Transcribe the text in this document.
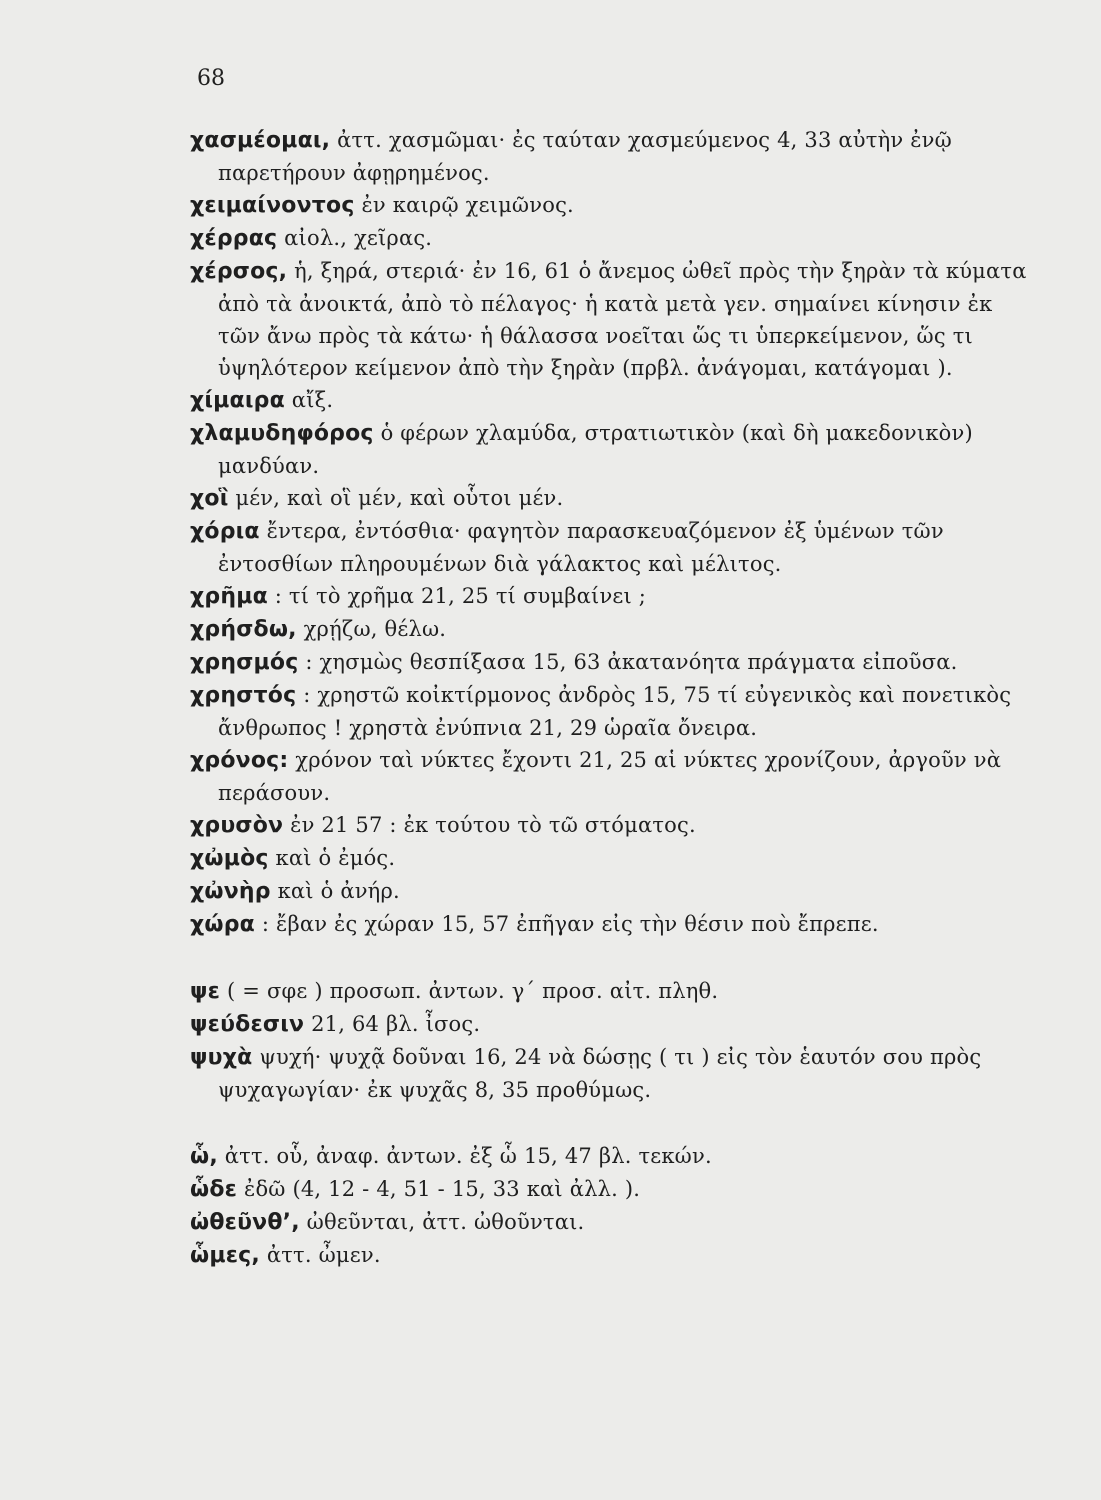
68

χασμέομαι, ἀττ. χασμῶμαι· ἐς ταύταν χασμεύμενος 4, 33 αὐτὴν ἐνῷ παρετήρουν ἀφῃρημένος.

χειμαίνοντος ἐν καιρῷ χειμῶνος.

χέρρας αἰολ., χεῖρας.

χέρσος, ἡ, ξηρά, στεριά· ἐν 16, 61 ὁ ἄνεμος ὠθεῖ πρὸς τὴν ξηρὰν τὰ κύματα ἀπὸ τὰ ἀνοικτά, ἀπὸ τὸ πέλαγος· ἡ κατὰ μετὰ γεν. σημαίνει κίνησιν ἐκ τῶν ἄνω πρὸς τὰ κάτω· ἡ θάλασσα νοεῖται ὥς τι ὑπερκείμενον, ὥς τι ὑψηλότερον κείμενον ἀπὸ τὴν ξηρὰν (πρβλ. ἀνάγομαι, κατάγομαι ).

χίμαιρα αἴξ.

χλαμυδηφόρος ὁ φέρων χλαμύδα, στρατιωτικὸν (καὶ δὴ μακεδονικὸν) μανδύαν.

χοἳ μέν, καὶ οἳ μέν, καὶ οὗτοι μέν.

χόρια ἔντερα, ἐντόσθια· φαγητὸν παρασκευαζόμενον ἐξ ὑμένων τῶν ἐντοσθίων πληρουμένων διὰ γάλακτος καὶ μέλιτος.

χρῆμα : τί τὸ χρῆμα 21, 25 τί συμβαίνει ;

χρήσδω, χρῄζω, θέλω.

χρησμός : χησμὼς θεσπίξασα 15, 63 ἀκατανόητα πράγματα εἰποῦσα.

χρηστός : χρηστῶ κοἰκτίρμονος ἀνδρὸς 15, 75 τί εὐγενικὸς καὶ πονετικὸς ἄνθρωπος ! χρηστὰ ἐνύπνια 21, 29 ὡραῖα ὄνειρα.

χρόνος: χρόνον ταὶ νύκτες ἔχοντι 21, 25 αἱ νύκτες χρονίζουν, ἀργοῦν νὰ περάσουν.

χρυσὸν ἐν 21 57 : ἐκ τούτου τὸ τῶ στόματος.

χὠμὸς καὶ ὁ ἐμός.

χὠνὴρ καὶ ὁ ἀνήρ.

χώρα : ἔβαν ἐς χώραν 15, 57 ἐπῆγαν εἰς τὴν θέσιν ποὺ ἔπρεπε.

ψε ( = σφε ) προσωπ. ἀντων. γ΄ προσ. αἰτ. πληθ.

ψεύδεσιν 21, 64 βλ. ἶσος.

ψυχὰ ψυχή· ψυχᾷ δοῦναι 16, 24 νὰ δώσῃς ( τι ) εἰς τὸν ἑαυτόν σου πρὸς ψυχαγωγίαν· ἐκ ψυχᾶς 8, 35 προθύμως.

ὧ, ἀττ. οὗ, ἀναφ. ἀντων. ἐξ ὧ 15, 47 βλ. τεκών.

ὧδε ἐδῶ (4, 12 - 4, 51 - 15, 33 καὶ ἀλλ. ).

ὠθεῦνθ’, ὠθεῦνται, ἀττ. ὠθοῦνται.

ὧμες, ἀττ. ὦμεν.
